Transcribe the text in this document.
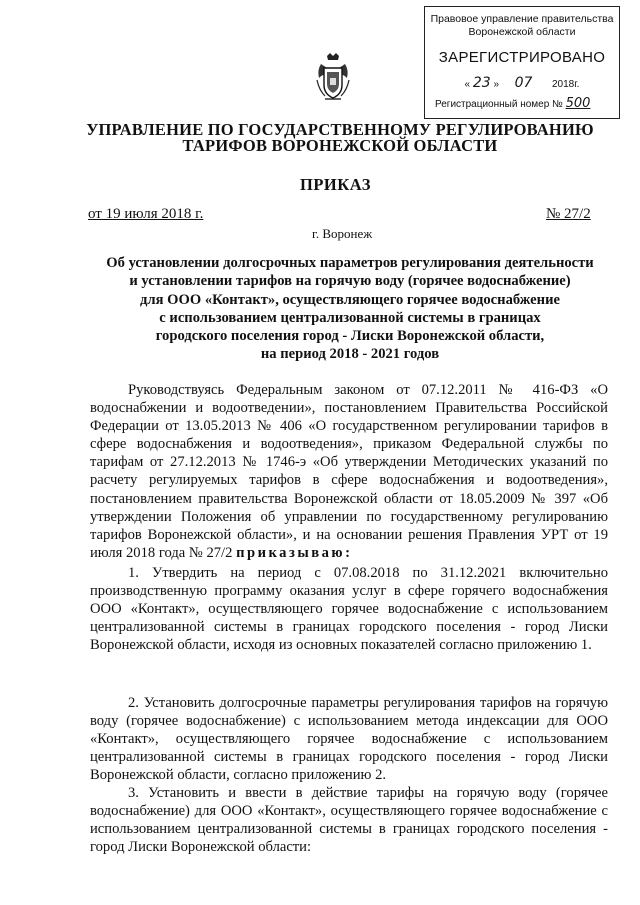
Правовое управление правительства
Воронежской области
ЗАРЕГИСТРИРОВАНО
« 23 » 07 2018г.
Регистрационный номер № 500
УПРАВЛЕНИЕ ПО ГОСУДАРСТВЕННОМУ РЕГУЛИРОВАНИЮ
ТАРИФОВ ВОРОНЕЖСКОЙ ОБЛАСТИ
ПРИКАЗ
от 19 июля 2018 г.	№ 27/2
г. Воронеж
Об установлении долгосрочных параметров регулирования деятельности
и установлении тарифов на горячую воду (горячее водоснабжение)
для ООО «Контакт», осуществляющего горячее водоснабжение
с использованием централизованной системы в границах
городского поселения город - Лиски Воронежской области,
на период 2018 - 2021 годов
Руководствуясь Федеральным законом от 07.12.2011 № 416-ФЗ «О водоснабжении и водоотведении», постановлением Правительства Российской Федерации от 13.05.2013 № 406 «О государственном регулировании тарифов в сфере водоснабжения и водоотведения», приказом Федеральной службы по тарифам от 27.12.2013 № 1746-э «Об утверждении Методических указаний по расчету регулируемых тарифов в сфере водоснабжения и водоотведения», постановлением правительства Воронежской области от 18.05.2009 № 397 «Об утверждении Положения об управлении по государственному регулированию тарифов Воронежской области», и на основании решения Правления УРТ от 19 июля 2018 года № 27/2 приказываю:
1. Утвердить на период с 07.08.2018 по 31.12.2021 включительно производственную программу оказания услуг в сфере горячего водоснабжения ООО «Контакт», осуществляющего горячее водоснабжение с использованием централизованной системы в границах городского поселения - город Лиски Воронежской области, исходя из основных показателей согласно приложению 1.
2. Установить долгосрочные параметры регулирования тарифов на горячую воду (горячее водоснабжение) с использованием метода индексации для ООО «Контакт», осуществляющего горячее водоснабжение с использованием централизованной системы в границах городского поселения - город Лиски Воронежской области, согласно приложению 2.
3. Установить и ввести в действие тарифы на горячую воду (горячее водоснабжение) для ООО «Контакт», осуществляющего горячее водоснабжение с использованием централизованной системы в границах городского поселения - город Лиски Воронежской области:
